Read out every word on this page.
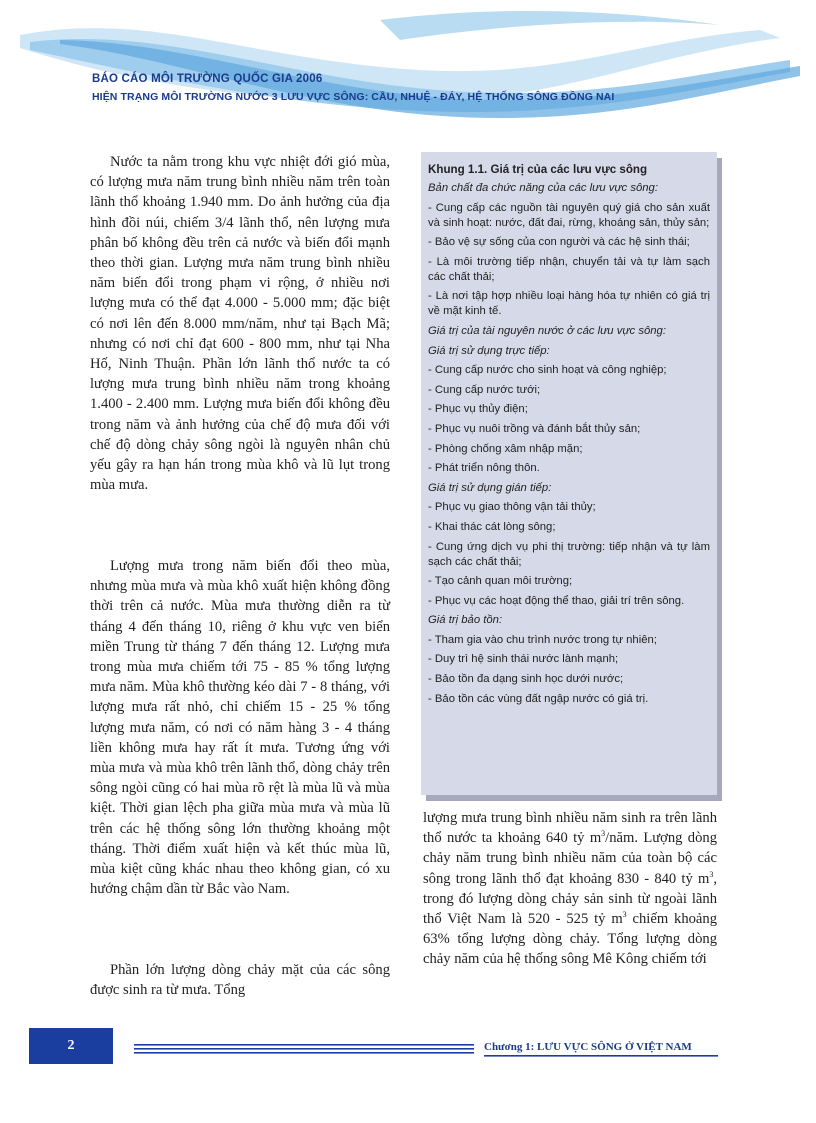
BÁO CÁO MÔI TRƯỜNG QUỐC GIA 2006
HIỆN TRẠNG MÔI TRƯỜNG NƯỚC 3 LƯU VỰC SÔNG: CẦU, NHUỆ - ĐÁY, HỆ THỐNG SÔNG ĐỒNG NAI

Nước ta nằm trong khu vực nhiệt đới gió mùa, có lượng mưa năm trung bình nhiều năm trên toàn lãnh thổ khoảng 1.940 mm. Do ảnh hưởng của địa hình đồi núi, chiếm 3/4 lãnh thổ, nên lượng mưa phân bố không đều trên cả nước và biến đổi mạnh theo thời gian. Lượng mưa năm trung bình nhiều năm biến đổi trong phạm vi rộng, ở nhiều nơi lượng mưa có thể đạt 4.000 - 5.000 mm; đặc biệt có nơi lên đến 8.000 mm/năm, như tại Bạch Mã; nhưng có nơi chỉ đạt 600 - 800 mm, như tại Nha Hố, Ninh Thuận. Phần lớn lãnh thổ nước ta có lượng mưa trung bình nhiều năm trong khoảng 1.400 - 2.400 mm. Lượng mưa biến đổi không đều trong năm và ảnh hưởng của chế độ mưa đối với chế độ dòng chảy sông ngòi là nguyên nhân chủ yếu gây ra hạn hán trong mùa khô và lũ lụt trong mùa mưa.

Lượng mưa trong năm biến đổi theo mùa, nhưng mùa mưa và mùa khô xuất hiện không đồng thời trên cả nước. Mùa mưa thường diễn ra từ tháng 4 đến tháng 10, riêng ở khu vực ven biển miền Trung từ tháng 7 đến tháng 12. Lượng mưa trong mùa mưa chiếm tới 75 - 85 % tổng lượng mưa năm. Mùa khô thường kéo dài 7 - 8 tháng, với lượng mưa rất nhỏ, chỉ chiếm 15 - 25 % tổng lượng mưa năm, có nơi có năm hàng 3 - 4 tháng liền không mưa hay rất ít mưa. Tương ứng với mùa mưa và mùa khô trên lãnh thổ, dòng chảy trên sông ngòi cũng có hai mùa rõ rệt là mùa lũ và mùa kiệt. Thời gian lệch pha giữa mùa mưa và mùa lũ trên các hệ thống sông lớn thường khoảng một tháng. Thời điểm xuất hiện và kết thúc mùa lũ, mùa kiệt cũng khác nhau theo không gian, có xu hướng chậm dần từ Bắc vào Nam.

Phần lớn lượng dòng chảy mặt của các sông được sinh ra từ mưa. Tổng

Khung 1.1. Giá trị của các lưu vực sông
Bản chất đa chức năng của các lưu vực sông:
- Cung cấp các nguồn tài nguyên quý giá cho sản xuất và sinh hoạt: nước, đất đai, rừng, khoáng sản, thủy sản;
- Bảo vệ sự sống của con người và các hệ sinh thái;
- Là môi trường tiếp nhận, chuyển tải và tự làm sạch các chất thải;
- Là nơi tập hợp nhiều loại hàng hóa tự nhiên có giá trị về mặt kinh tế.
Giá trị của tài nguyên nước ở các lưu vực sông:
Giá trị sử dụng trực tiếp:
- Cung cấp nước cho sinh hoạt và công nghiệp;
- Cung cấp nước tưới;
- Phục vụ thủy điện;
- Phục vụ nuôi trồng và đánh bắt thủy sản;
- Phòng chống xâm nhập mặn;
- Phát triển nông thôn.
Giá trị sử dụng gián tiếp:
- Phục vụ giao thông vận tải thủy;
- Khai thác cát lòng sông;
- Cung ứng dịch vụ phi thị trường: tiếp nhận và tự làm sạch các chất thải;
- Tạo cảnh quan môi trường;
- Phục vụ các hoạt động thể thao, giải trí trên sông.
Giá trị bảo tồn:
- Tham gia vào chu trình nước trong tự nhiên;
- Duy trì hệ sinh thái nước lành mạnh;
- Bảo tồn đa dạng sinh học dưới nước;
- Bảo tồn các vùng đất ngập nước có giá trị.

lượng mưa trung bình nhiều năm sinh ra trên lãnh thổ nước ta khoảng 640 tỷ $m^3$/năm. Lượng dòng chảy năm trung bình nhiều năm của toàn bộ các sông trong lãnh thổ đạt khoảng 830 - 840 tỷ $m^3$, trong đó lượng dòng chảy sản sinh từ ngoài lãnh thổ Việt Nam là 520 - 525 tỷ $m^3$ chiếm khoảng 63% tổng lượng dòng chảy. Tổng lượng dòng chảy năm của hệ thống sông Mê Kông chiếm tới

2	Chương 1: LƯU VỰC SÔNG Ở VIỆT NAM
